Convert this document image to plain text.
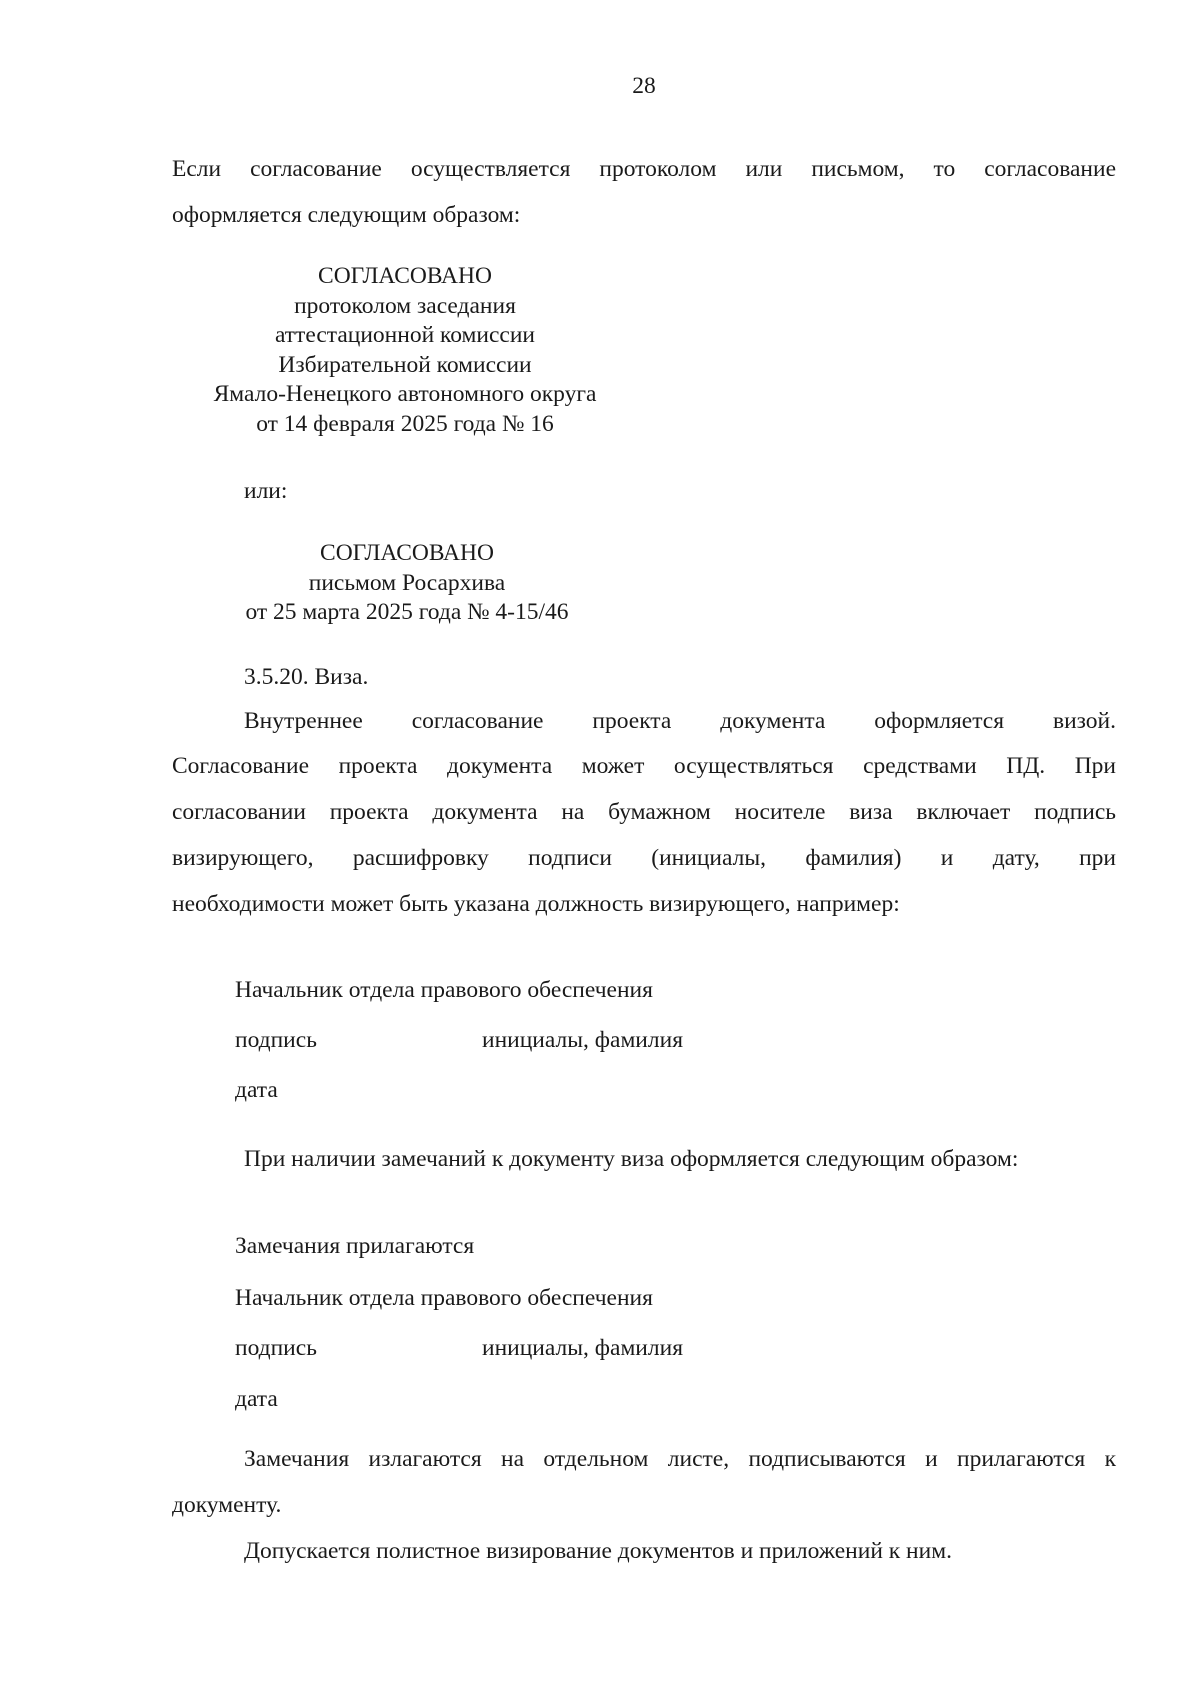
28
Если согласование осуществляется протоколом или письмом, то согласование
оформляется следующим образом:
СОГЛАСОВАНО
протоколом заседания
аттестационной комиссии
Избирательной комиссии
Ямало-Ненецкого автономного округа
от 14 февраля 2025 года № 16
или:
СОГЛАСОВАНО
письмом Росархива
от 25 марта 2025 года № 4-15/46
3.5.20. Виза.
Внутреннее согласование проекта документа оформляется визой.
Согласование проекта документа может осуществляться средствами ПД. При
согласовании проекта документа на бумажном носителе виза включает подпись
визирующего, расшифровку подписи (инициалы, фамилия) и дату, при
необходимости может быть указана должность визирующего, например:
Начальник отдела правового обеспечения
подпись	инициалы, фамилия
дата
При наличии замечаний к документу виза оформляется следующим образом:
Замечания прилагаются
Начальник отдела правового обеспечения
подпись	инициалы, фамилия
дата
Замечания излагаются на отдельном листе, подписываются и прилагаются к
документу.
Допускается полистное визирование документов и приложений к ним.
